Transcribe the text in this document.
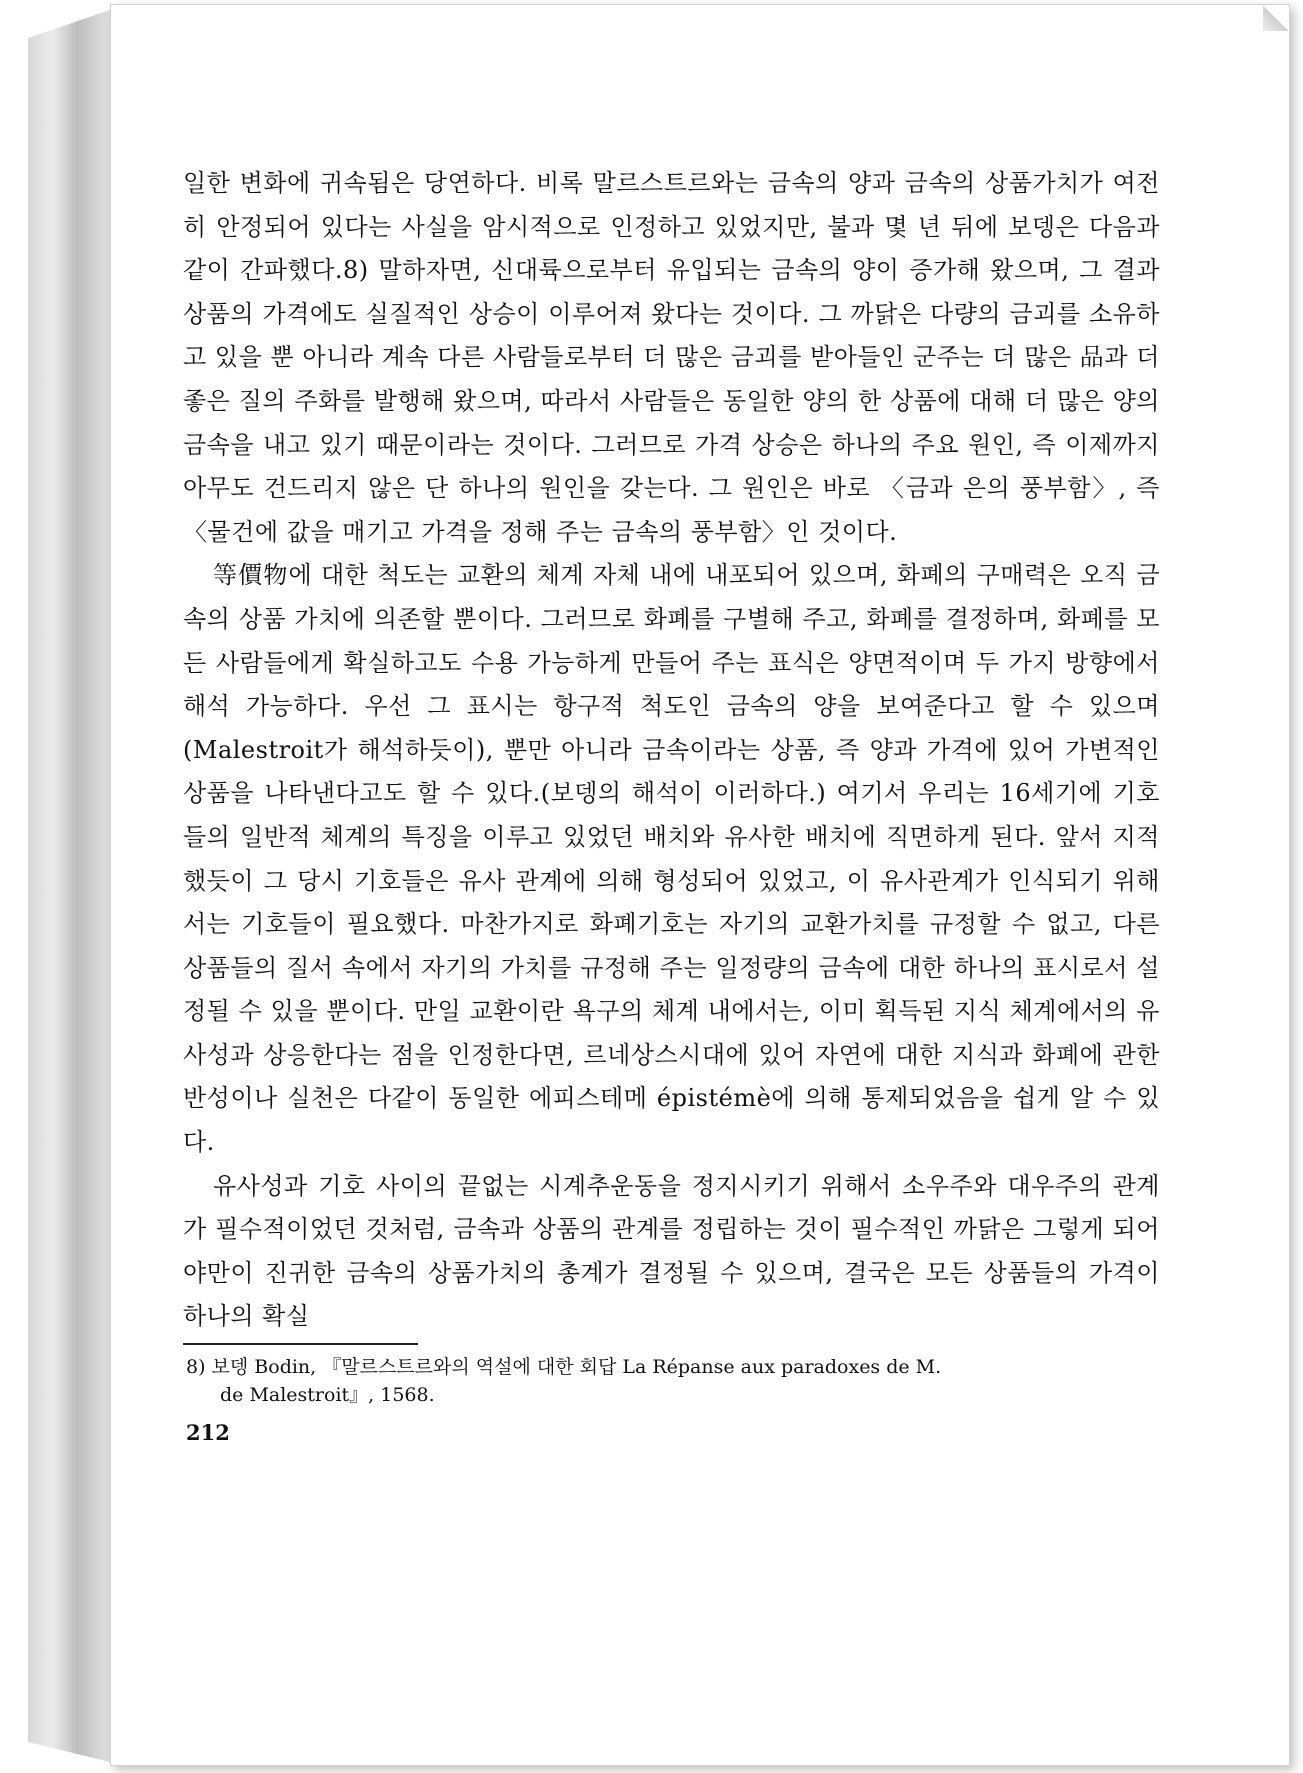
일한 변화에 귀속됨은 당연하다. 비록 말르스트르와는 금속의 양과 금속의 상품가치가 여전히 안정되어 있다는 사실을 암시적으로 인정하고 있었지만, 불과 몇 년 뒤에 보뎅은 다음과 같이 간파했다.8) 말하자면, 신대륙으로부터 유입되는 금속의 양이 증가해 왔으며, 그 결과 상품의 가격에도 실질적인 상승이 이루어져 왔다는 것이다. 그 까닭은 다량의 금괴를 소유하고 있을 뿐 아니라 계속 다른 사람들로부터 더 많은 금괴를 받아들인 군주는 더 많은 品과 더 좋은 질의 주화를 발행해 왔으며, 따라서 사람들은 동일한 양의 한 상품에 대해 더 많은 양의 금속을 내고 있기 때문이라는 것이다. 그러므로 가격 상승은 하나의 주요 원인, 즉 이제까지 아무도 건드리지 않은 단 하나의 원인을 갖는다. 그 원인은 바로 〈금과 은의 풍부함〉, 즉 〈물건에 값을 매기고 가격을 정해 주는 금속의 풍부함〉인 것이다.

等價物에 대한 척도는 교환의 체계 자체 내에 내포되어 있으며, 화폐의 구매력은 오직 금속의 상품 가치에 의존할 뿐이다. 그러므로 화폐를 구별해 주고, 화폐를 결정하며, 화폐를 모든 사람들에게 확실하고도 수용 가능하게 만들어 주는 표식은 양면적이며 두 가지 방향에서 해석 가능하다. 우선 그 표시는 항구적 척도인 금속의 양을 보여준다고 할 수 있으며(Malestroit가 해석하듯이), 뿐만 아니라 금속이라는 상품, 즉 양과 가격에 있어 가변적인 상품을 나타낸다고도 할 수 있다.(보뎅의 해석이 이러하다.) 여기서 우리는 16세기에 기호들의 일반적 체계의 특징을 이루고 있었던 배치와 유사한 배치에 직면하게 된다. 앞서 지적했듯이 그 당시 기호들은 유사 관계에 의해 형성되어 있었고, 이 유사관계가 인식되기 위해서는 기호들이 필요했다. 마찬가지로 화폐기호는 자기의 교환가치를 규정할 수 없고, 다른 상품들의 질서 속에서 자기의 가치를 규정해 주는 일정량의 금속에 대한 하나의 표시로서 설정될 수 있을 뿐이다. 만일 교환이란 욕구의 체계 내에서는, 이미 획득된 지식 체계에서의 유사성과 상응한다는 점을 인정한다면, 르네상스시대에 있어 자연에 대한 지식과 화폐에 관한 반성이나 실천은 다같이 동일한 에피스테메 épistémè에 의해 통제되었음을 쉽게 알 수 있다.

유사성과 기호 사이의 끝없는 시계추운동을 정지시키기 위해서 소우주와 대우주의 관계가 필수적이었던 것처럼, 금속과 상품의 관계를 정립하는 것이 필수적인 까닭은 그렇게 되어야만이 진귀한 금속의 상품가치의 총계가 결정될 수 있으며, 결국은 모든 상품들의 가격이 하나의 확실

8) 보뎅 Bodin, 『말르스트르와의 역설에 대한 회답 La Répanse aux paradoxes de M.
de Malestroit』, 1568.
212
